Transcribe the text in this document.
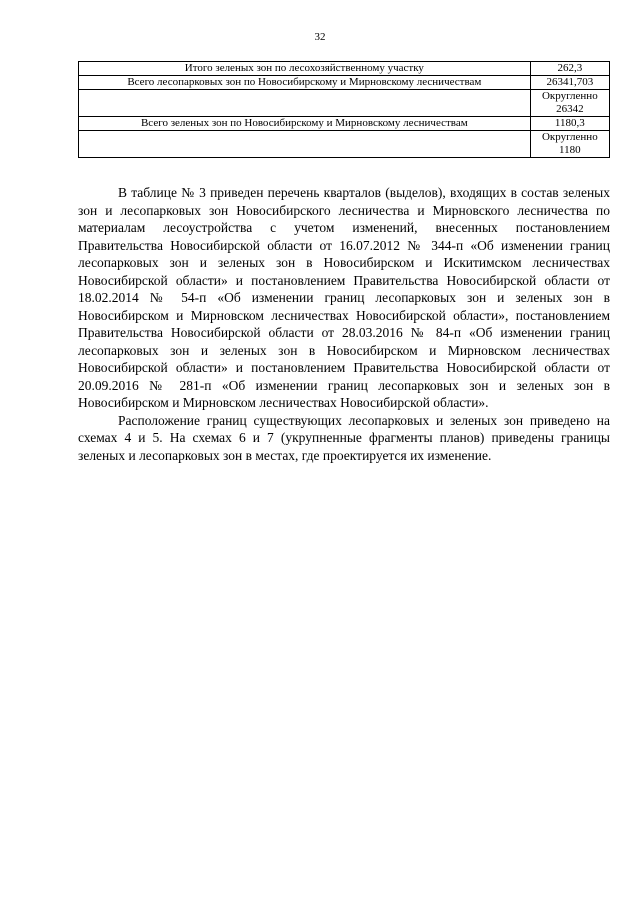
32
Итого зеленых зон по лесохозяйственному участку	262,3
Всего лесопарковых зон по Новосибирскому и Мирновскому лесничествам	26341,703

	Округленно
26342

Всего зеленых зон по Новосибирскому и Мирновскому лесничествам	1180,3

	Округленно
1180

В таблице № 3 приведен перечень кварталов (выделов), входящих в состав зеленых зон и лесопарковых зон Новосибирского лесничества и Мирновского лесничества по материалам лесоустройства с учетом изменений, внесенных постановлением Правительства Новосибирской области от 16.07.2012 № 344-п «Об изменении границ лесопарковых зон и зеленых зон в Новосибирском и Искитимском лесничествах Новосибирской области» и постановлением Правительства Новосибирской области от 18.02.2014 № 54-п «Об изменении границ лесопарковых зон и зеленых зон в Новосибирском и Мирновском лесничествах Новосибирской области», постановлением Правительства Новосибирской области от 28.03.2016 № 84-п «Об изменении границ лесопарковых зон и зеленых зон в Новосибирском и Мирновском лесничествах Новосибирской области» и постановлением Правительства Новосибирской области от 20.09.2016 № 281-п «Об изменении границ лесопарковых зон и зеленых зон в Новосибирском и Мирновском лесничествах Новосибирской области».

Расположение границ существующих лесопарковых и зеленых зон приведено на схемах 4 и 5. На схемах 6 и 7 (укрупненные фрагменты планов) приведены границы зеленых и лесопарковых зон в местах, где проектируется их изменение.
